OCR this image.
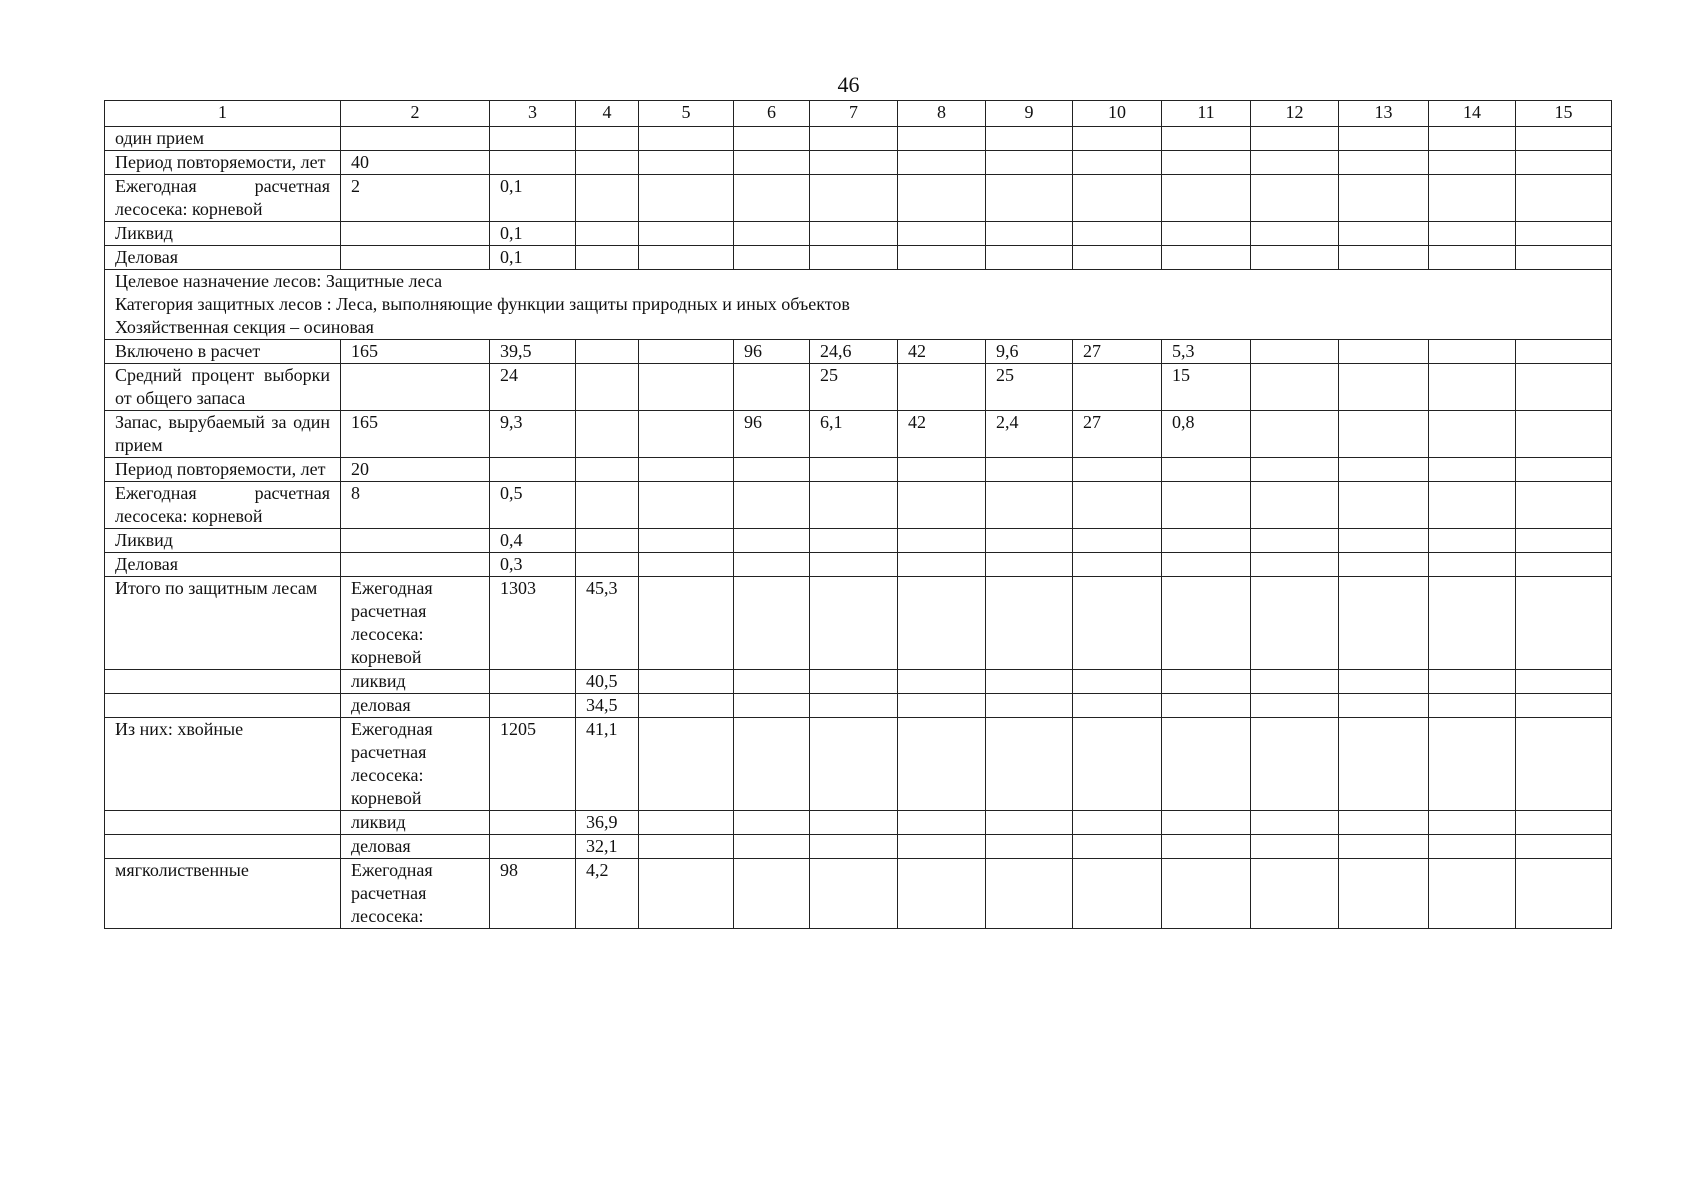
46
1	2	3	4	5	6	7	8	9	10	11	12	13	14	15
один прием														
Период повторяемости, лет	40													
Ежегодная расчетная лесосека: корневой	2	0,1												
Ликвид		0,1												
Деловая		0,1												

Целевое назначение лесов: Защитные леса
Категория защитных лесов : Леса, выполняющие функции защиты природных и иных объектов
Хозяйственная секция – осиновая														

Включено в расчет	165	39,5			96	24,6	42	9,6	27	5,3				
Средний процент выборки от общего запаса		24				25		25		15				
Запас, вырубаемый за один прием	165	9,3			96	6,1	42	2,4	27	0,8				
Период повторяемости, лет	20													
Ежегодная расчетная лесосека: корневой	8	0,5												
Ликвид		0,4												
Деловая		0,3												
Итого по защитным лесам	Ежегодная расчетная лесосека: корневой	1303	45,3											
	ликвид		40,5											
	деловая		34,5											
Из них: хвойные	Ежегодная расчетная лесосека: корневой	1205	41,1											
	ликвид		36,9											
	деловая		32,1											
мягколиственные	Ежегодная расчетная лесосека:	98	4,2											
